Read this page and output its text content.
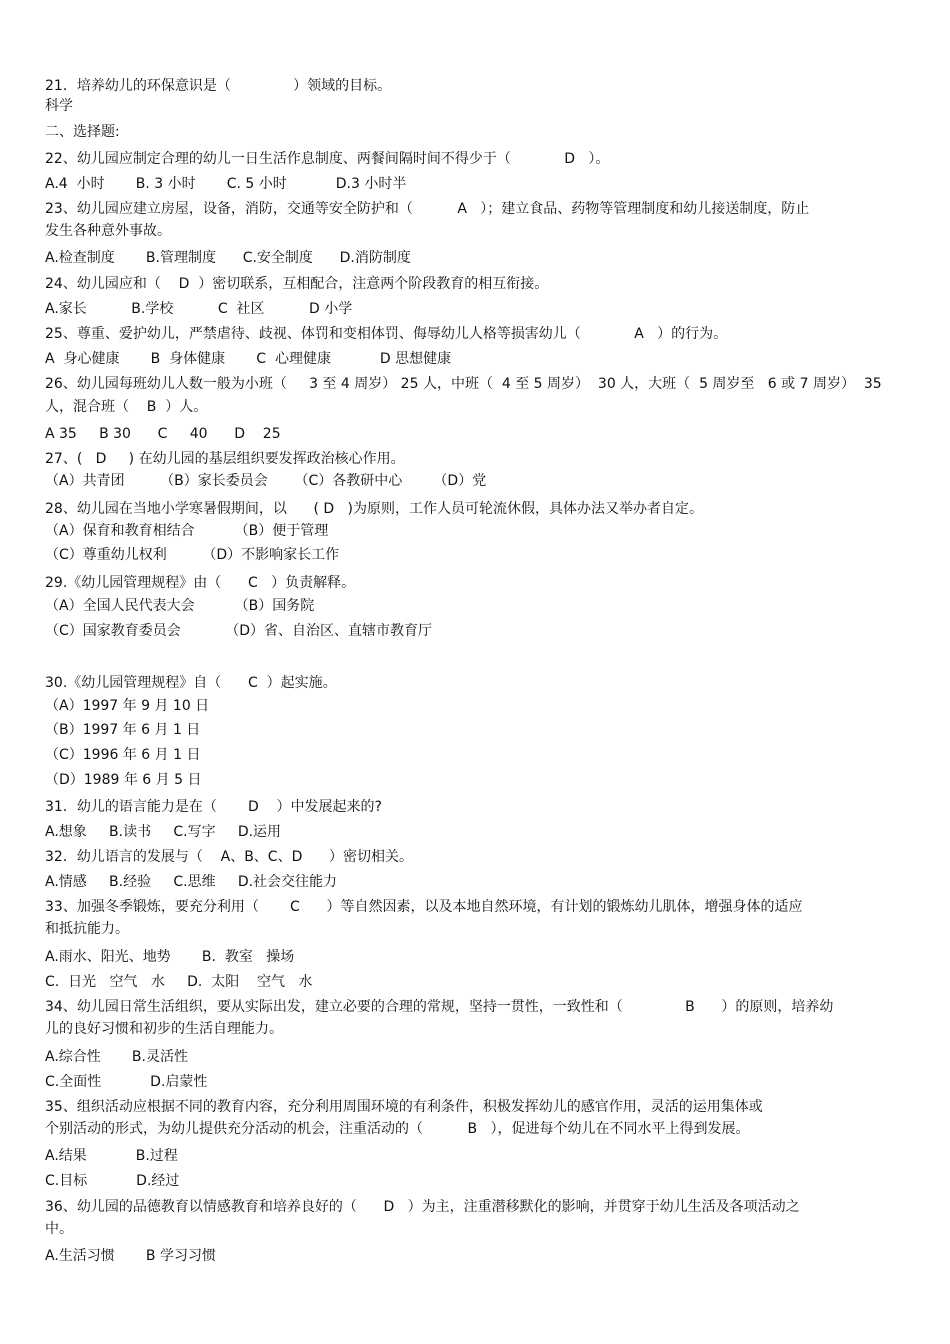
21．培养幼儿的环保意识是（              ）领域的目标。
科学
二、选择题:
22、幼儿园应制定合理的幼儿一日生活作息制度、两餐间隔时间不得少于（            D   ）。
A.4  小时       B. 3 小时       C. 5 小时           D.3 小时半
23、幼儿园应建立房屋，设备，消防，交通等安全防护和（          A   ）；建立食品、药物等管理制度和幼儿接送制度，防止
发生各种意外事故。
A.检查制度       B.管理制度      C.安全制度      D.消防制度
24、幼儿园应和（    D  ）密切联系，互相配合，注意两个阶段教育的相互衔接。
A.家长          B.学校          C  社区          D 小学
25、尊重、爱护幼儿，严禁虐待、歧视、体罚和变相体罚、侮辱幼儿人格等损害幼儿（            A   ）的行为。
A  身心健康       B  身体健康       C  心理健康           D 思想健康
26、幼儿园每班幼儿人数一般为小班（     3 至 4 周岁） 25 人，中班（  4 至 5 周岁）  30 人，大班（  5 周岁至   6 或 7 周岁）  35
人，混合班（    B  ）人。
A 35     B 30      C     40      D    25
27、(   D     ) 在幼儿园的基层组织要发挥政治核心作用。
（A）共青团        （B）家长委员会      （C）各教研中心       （D）党
28、幼儿园在当地小学寒暑假期间，以      ( D   )为原则，工作人员可轮流休假，具体办法又举办者自定。
（A）保育和教育相结合         （B）便于管理
（C）尊重幼儿权利        （D）不影响家长工作
29.《幼儿园管理规程》由（      C   ）负责解释。
（A）全国人民代表大会         （B）国务院
（C）国家教育委员会          （D）省、自治区、直辖市教育厅
30.《幼儿园管理规程》自（      C  ）起实施。
（A）1997 年 9 月 10 日
（B）1997 年 6 月 1 日
（C）1996 年 6 月 1 日
（D）1989 年 6 月 5 日
31．幼儿的语言能力是在（       D    ）中发展起来的?
A.想象     B.读书     C.写字     D.运用
32．幼儿语言的发展与（    A、B、C、D      ）密切相关。
A.情感     B.经验     C.思维     D.社会交往能力
33、加强冬季锻炼，要充分利用（       C      ）等自然因素，以及本地自然环境，有计划的锻炼幼儿肌体，增强身体的适应
和抵抗能力。
A.雨水、阳光、地势       B.  教室   操场
C.  日光   空气   水     D.  太阳    空气   水
34、幼儿园日常生活组织，要从实际出发，建立必要的合理的常规，坚持一贯性，一致性和（              B      ）的原则，培养幼
儿的良好习惯和初步的生活自理能力。
A.综合性       B.灵活性
C.全面性           D.启蒙性
35、组织活动应根据不同的教育内容，充分利用周围环境的有利条件，积极发挥幼儿的感官作用，灵活的运用集体或
个别活动的形式，为幼儿提供充分活动的机会，注重活动的（          B   ），促进每个幼儿在不同水平上得到发展。
A.结果           B.过程
C.目标           D.经过
36、幼儿园的品德教育以情感教育和培养良好的（      D   ）为主，注重潜移默化的影响，并贯穿于幼儿生活及各项活动之
中。
A.生活习惯       B 学习习惯
